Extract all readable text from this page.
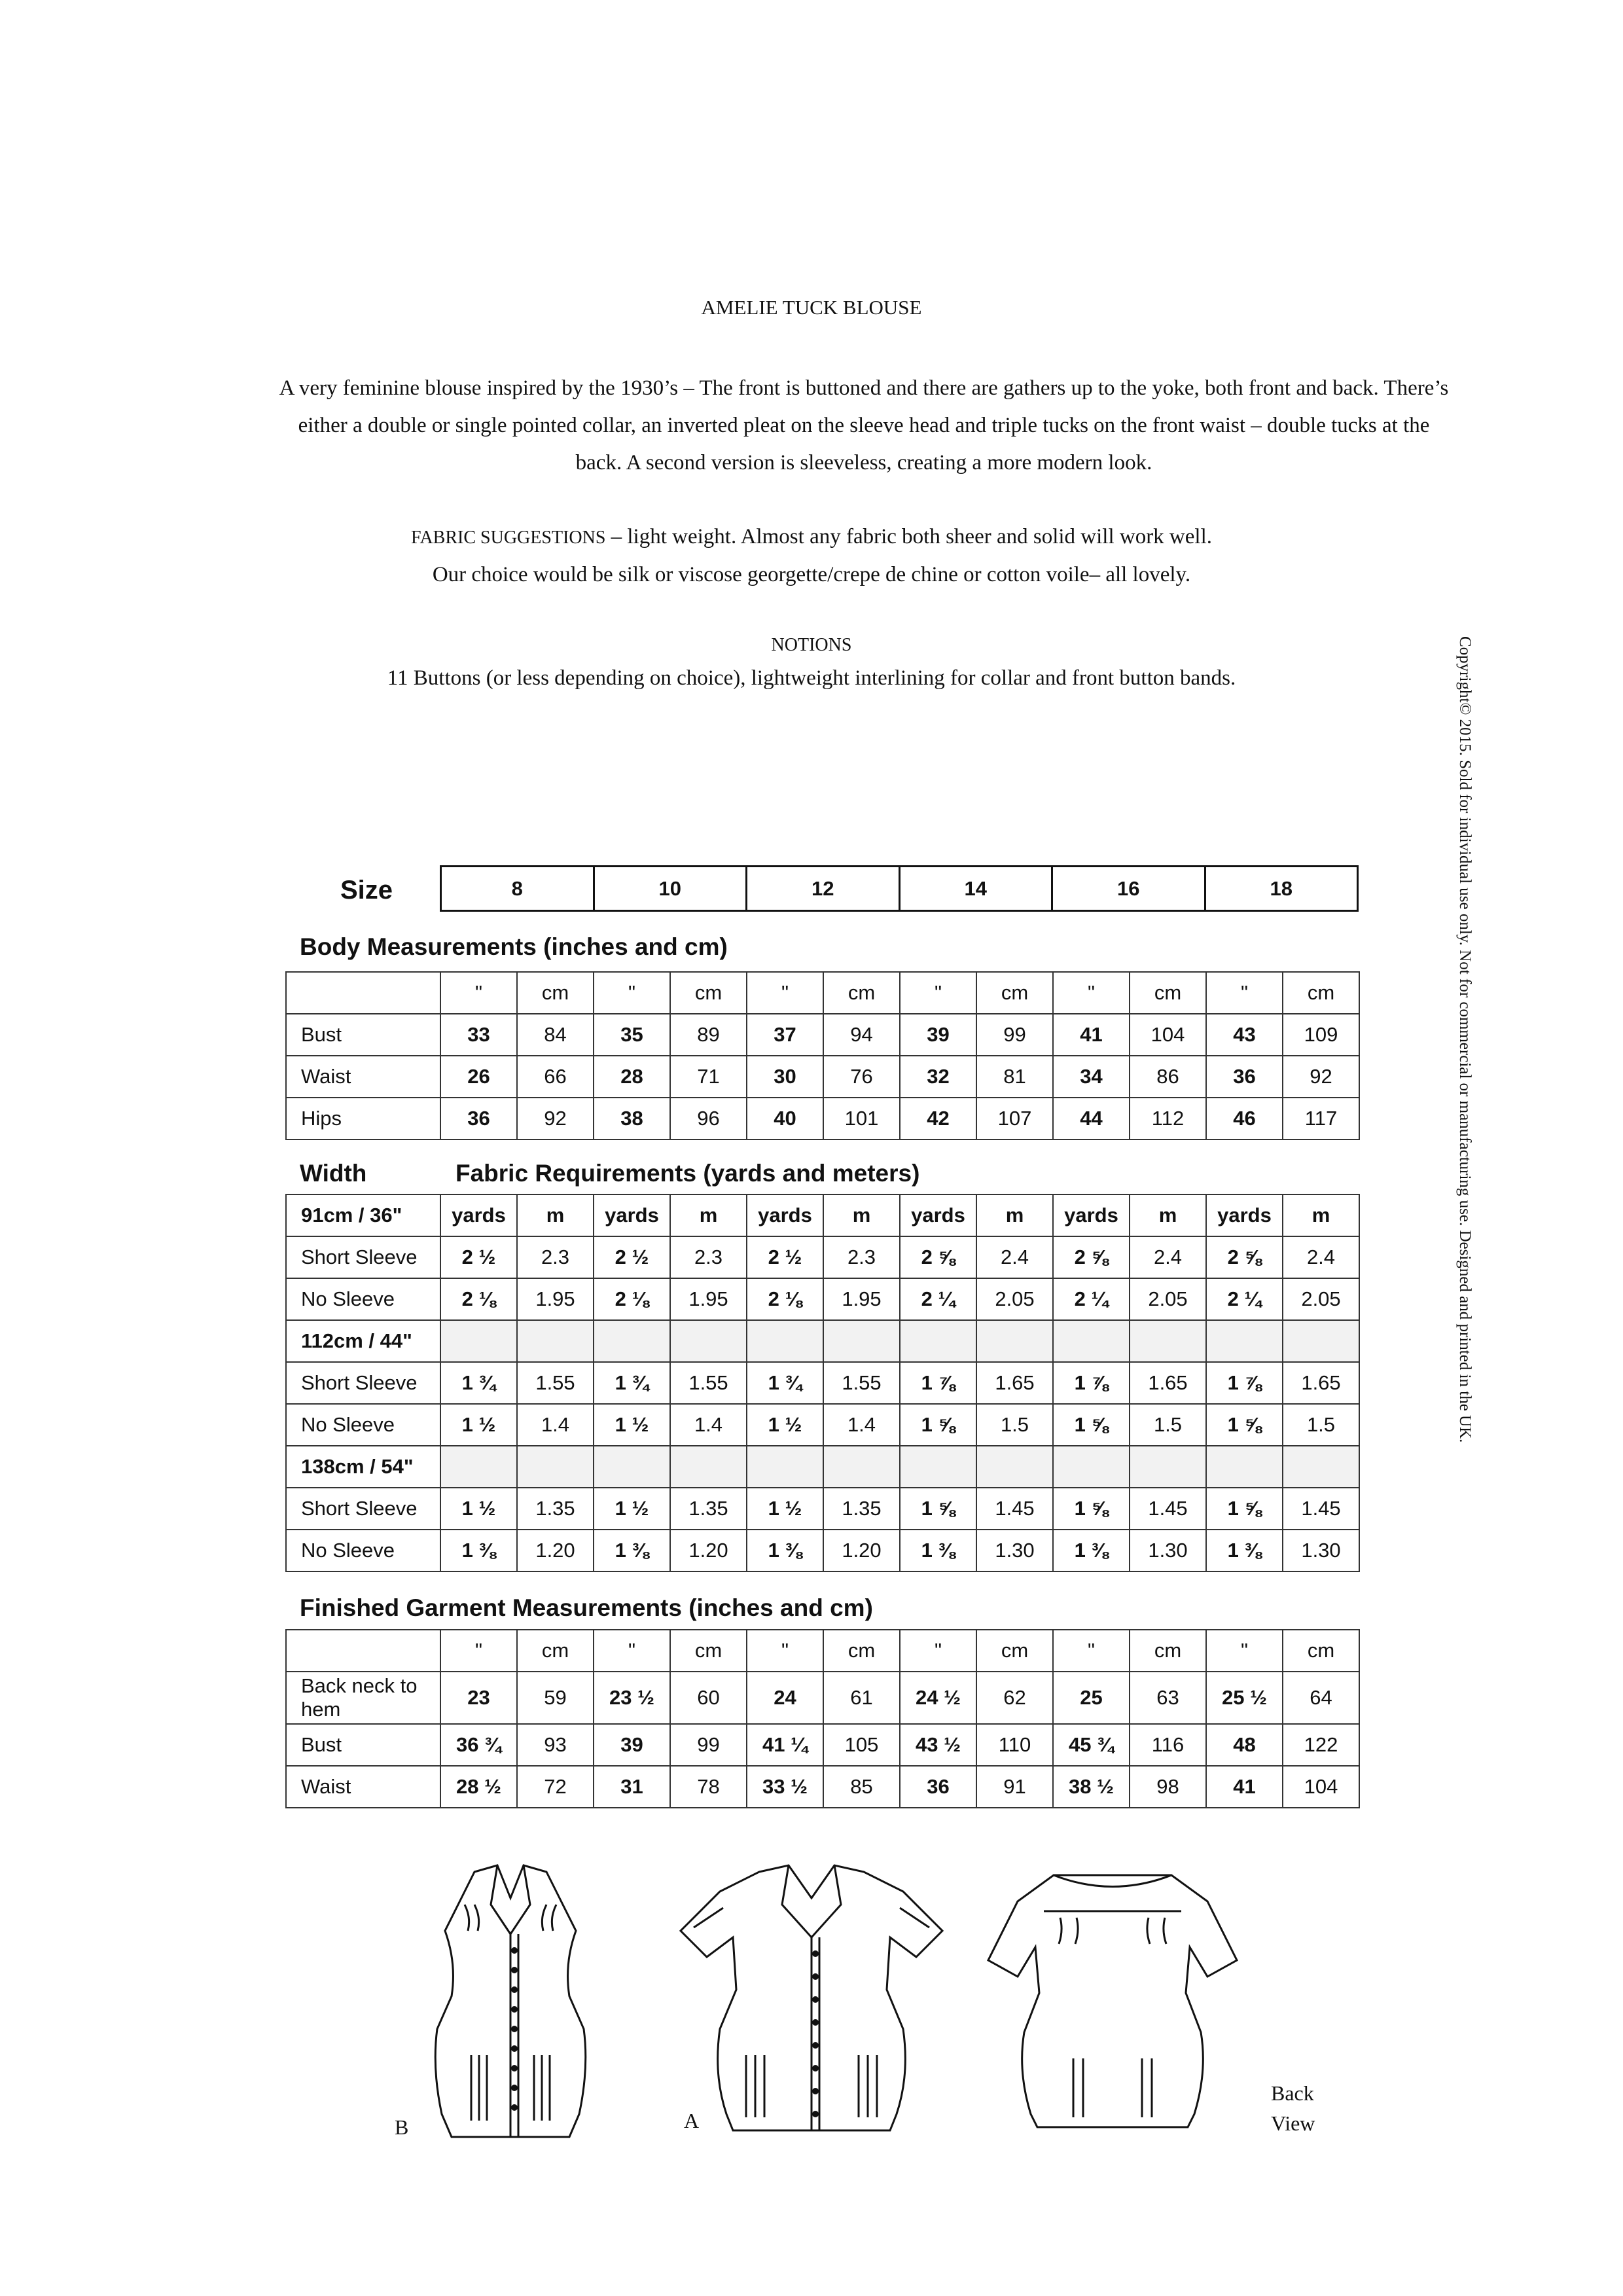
AMELIE TUCK BLOUSE
A very feminine blouse inspired by the 1930’s – The front is buttoned and there are gathers up to the yoke, both front and back. There’s either a double or single pointed collar, an inverted pleat on the sleeve head and triple tucks on the front waist – double tucks at the back. A second version is sleeveless, creating a more modern look.
FABRIC SUGGESTIONS – light weight. Almost any fabric both sheer and solid will work well.
Our choice would be silk or viscose georgette/crepe de chine or cotton voile– all lovely.
NOTIONS
11 Buttons (or less depending on choice), lightweight interlining for collar and front button bands.	Copyright© 2015. Sold for individual use only. Not for commercial or manufacturing use. Designed and printed in the UK.
Size	8	10	12	14	16	18
Body Measurements (inches and cm)
	"	cm	"	cm	"	cm	"	cm	"	cm	"	cm
Bust	33	84	35	89	37	94	39	99	41	104	43	109
Waist	26	66	28	71	30	76	32	81	34	86	36	92
Hips	36	92	38	96	40	101	42	107	44	112	46	117
Width	Fabric Requirements (yards and meters)
91cm / 36"	yards	m	yards	m	yards	m	yards	m	yards	m	yards	m
Short Sleeve	2 ½	2.3	2 ½	2.3	2 ½	2.3	2 ⅝	2.4	2 ⅝	2.4	2 ⅝	2.4
No Sleeve	2 ⅛	1.95	2 ⅛	1.95	2 ⅛	1.95	2 ¼	2.05	2 ¼	2.05	2 ¼	2.05
112cm / 44"												
Short Sleeve	1 ¾	1.55	1 ¾	1.55	1 ¾	1.55	1 ⅞	1.65	1 ⅞	1.65	1 ⅞	1.65
No Sleeve	1 ½	1.4	1 ½	1.4	1 ½	1.4	1 ⅝	1.5	1 ⅝	1.5	1 ⅝	1.5
138cm / 54"												
Short Sleeve	1 ½	1.35	1 ½	1.35	1 ½	1.35	1 ⅝	1.45	1 ⅝	1.45	1 ⅝	1.45
No Sleeve	1 ⅜	1.20	1 ⅜	1.20	1 ⅜	1.20	1 ⅜	1.30	1 ⅜	1.30	1 ⅜	1.30
Finished Garment Measurements (inches and cm)
	"	cm	"	cm	"	cm	"	cm	"	cm	"	cm
Back neck to hem	23	59	23 ½	60	24	61	24 ½	62	25	63	25 ½	64
Bust	36 ¾	93	39	99	41 ¼	105	43 ½	110	45 ¾	116	48	122
Waist	28 ½	72	31	78	33 ½	85	36	91	38 ½	98	41	104
B	A
Back
View
